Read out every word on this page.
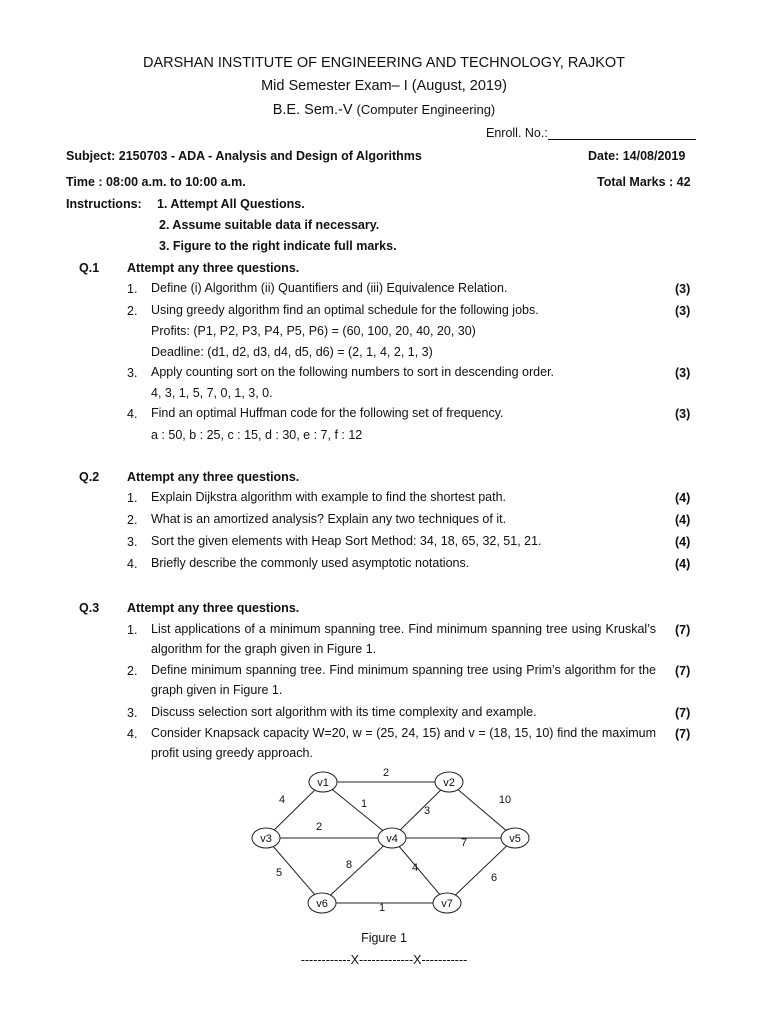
DARSHAN INSTITUTE OF ENGINEERING AND TECHNOLOGY, RAJKOT
Mid Semester Exam– I (August, 2019)
B.E. Sem.-V (Computer Engineering)
Enroll. No.:
Subject: 2150703 - ADA - Analysis and Design of Algorithms	Date: 14/08/2019
Time : 08:00 a.m. to 10:00 a.m.	Total Marks : 42
Instructions: 1. Attempt All Questions.
2. Assume suitable data if necessary.
3. Figure to the right indicate full marks.
Q.1 Attempt any three questions.
1. Define (i) Algorithm (ii) Quantifiers and (iii) Equivalence Relation.	(3)
2. Using greedy algorithm find an optimal schedule for the following jobs.	(3)
Profits: (P1, P2, P3, P4, P5, P6) = (60, 100, 20, 40, 20, 30)
Deadline: (d1, d2, d3, d4, d5, d6) = (2, 1, 4, 2, 1, 3)
3. Apply counting sort on the following numbers to sort in descending order.	(3)
4, 3, 1, 5, 7, 0, 1, 3, 0.
4. Find an optimal Huffman code for the following set of frequency.	(3)
a : 50, b : 25, c : 15, d : 30, e : 7, f : 12
Q.2 Attempt any three questions.
1. Explain Dijkstra algorithm with example to find the shortest path.	(4)
2. What is an amortized analysis? Explain any two techniques of it.	(4)
3. Sort the given elements with Heap Sort Method: 34, 18, 65, 32, 51, 21.	(4)
4. Briefly describe the commonly used asymptotic notations.	(4)
Q.3 Attempt any three questions.
1. List applications of a minimum spanning tree. Find minimum spanning tree using Kruskal’s algorithm for the graph given in Figure 1.
(7)
2. Define minimum spanning tree. Find minimum spanning tree using Prim’s algorithm for the graph given in Figure 1.
(7)
3. Discuss selection sort algorithm with its time complexity and example.	(7)
4. Consider Knapsack capacity W=20, w = (25, 24, 15) and v = (18, 15, 10) find the maximum profit using greedy approach.
(7)
2
4	1
3
10
2
7
5
8	4
6
1
v1	v2
v3	v4	v5
v6	v7
Figure 1
------------X-------------X-----------
